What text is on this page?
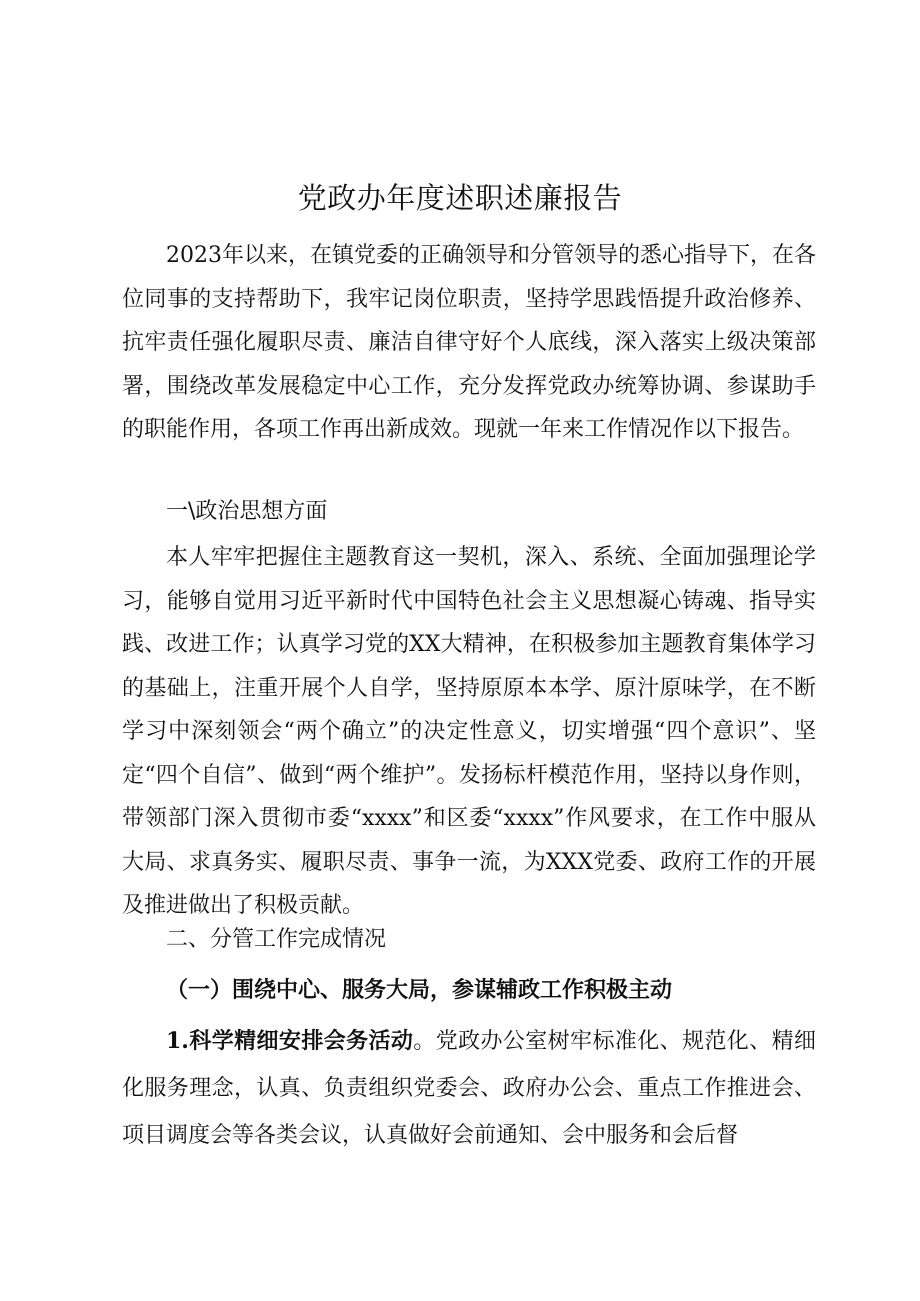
党政办年度述职述廉报告

2023年以来，在镇党委的正确领导和分管领导的悉心指导下，在各位同事的支持帮助下，我牢记岗位职责，坚持学思践悟提升政治修养、抗牢责任强化履职尽责、廉洁自律守好个人底线，深入落实上级决策部署，围绕改革发展稳定中心工作，充分发挥党政办统筹协调、参谋助手的职能作用，各项工作再出新成效。现就一年来工作情况作以下报告。

一\政治思想方面

本人牢牢把握住主题教育这一契机，深入、系统、全面加强理论学习，能够自觉用习近平新时代中国特色社会主义思想凝心铸魂、指导实践、改进工作；认真学习党的XX大精神，在积极参加主题教育集体学习的基础上，注重开展个人自学，坚持原原本本学、原汁原味学，在不断学习中深刻领会“两个确立”的决定性意义，切实增强“四个意识”、坚定“四个自信”、做到“两个维护”。发扬标杆模范作用，坚持以身作则，带领部门深入贯彻市委“xxxx”和区委“xxxx”作风要求，在工作中服从大局、求真务实、履职尽责、事争一流，为XXX党委、政府工作的开展及推进做出了积极贡献。

二、分管工作完成情况
（一）围绕中心、服务大局，参谋辅政工作积极主动

1.科学精细安排会务活动。党政办公室树牢标准化、规范化、精细化服务理念，认真、负责组织党委会、政府办公会、重点工作推进会、项目调度会等各类会议，认真做好会前通知、会中服务和会后督
